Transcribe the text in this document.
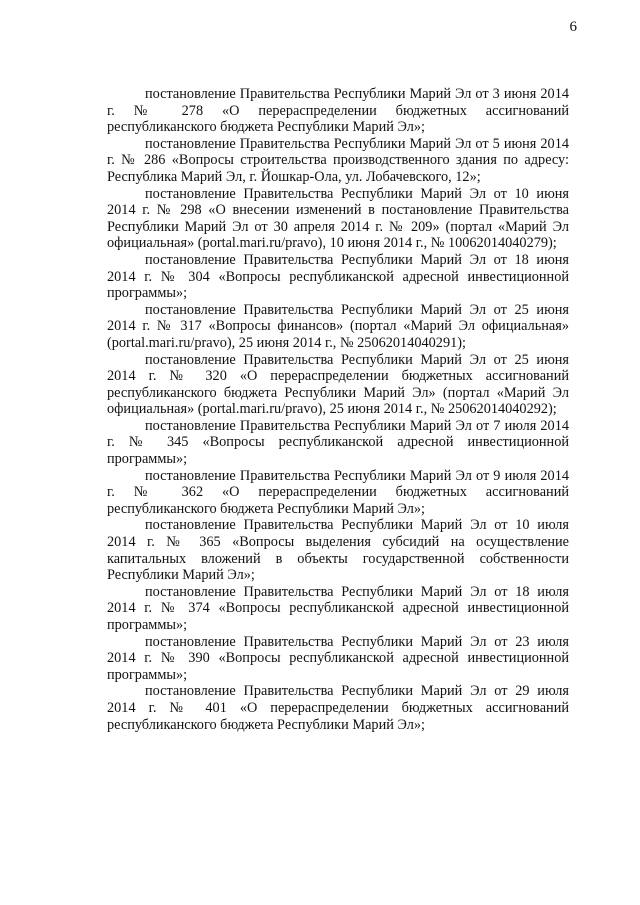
6

постановление Правительства Республики Марий Эл от 3 июня 2014 г. № 278 «О перераспределении бюджетных ассигнований республиканского бюджета Республики Марий Эл»;

постановление Правительства Республики Марий Эл от 5 июня 2014 г. № 286 «Вопросы строительства производственного здания по адресу: Республика Марий Эл, г. Йошкар-Ола, ул. Лобачевского, 12»;

постановление Правительства Республики Марий Эл от 10 июня 2014 г. № 298 «О внесении изменений в постановление Правительства Республики Марий Эл от 30 апреля 2014 г. № 209» (портал «Марий Эл официальная» (portal.mari.ru/pravo), 10 июня 2014 г., № 10062014040279);

постановление Правительства Республики Марий Эл от 18 июня 2014 г. № 304 «Вопросы республиканской адресной инвестиционной программы»;

постановление Правительства Республики Марий Эл от 25 июня 2014 г. № 317 «Вопросы финансов» (портал «Марий Эл официальная» (portal.mari.ru/pravo), 25 июня 2014 г., № 25062014040291);

постановление Правительства Республики Марий Эл от 25 июня 2014 г. № 320 «О перераспределении бюджетных ассигнований республиканского бюджета Республики Марий Эл» (портал «Марий Эл официальная» (portal.mari.ru/pravo), 25 июня 2014 г., № 25062014040292);

постановление Правительства Республики Марий Эл от 7 июля 2014 г. № 345 «Вопросы республиканской адресной инвестиционной программы»;

постановление Правительства Республики Марий Эл от 9 июля 2014 г. № 362 «О перераспределении бюджетных ассигнований республиканского бюджета Республики Марий Эл»;

постановление Правительства Республики Марий Эл от 10 июля 2014 г. № 365 «Вопросы выделения субсидий на осуществление капитальных вложений в объекты государственной собственности Республики Марий Эл»;

постановление Правительства Республики Марий Эл от 18 июля 2014 г. № 374 «Вопросы республиканской адресной инвестиционной программы»;

постановление Правительства Республики Марий Эл от 23 июля 2014 г. № 390 «Вопросы республиканской адресной инвестиционной программы»;

постановление Правительства Республики Марий Эл от 29 июля 2014 г. № 401 «О перераспределении бюджетных ассигнований республиканского бюджета Республики Марий Эл»;
